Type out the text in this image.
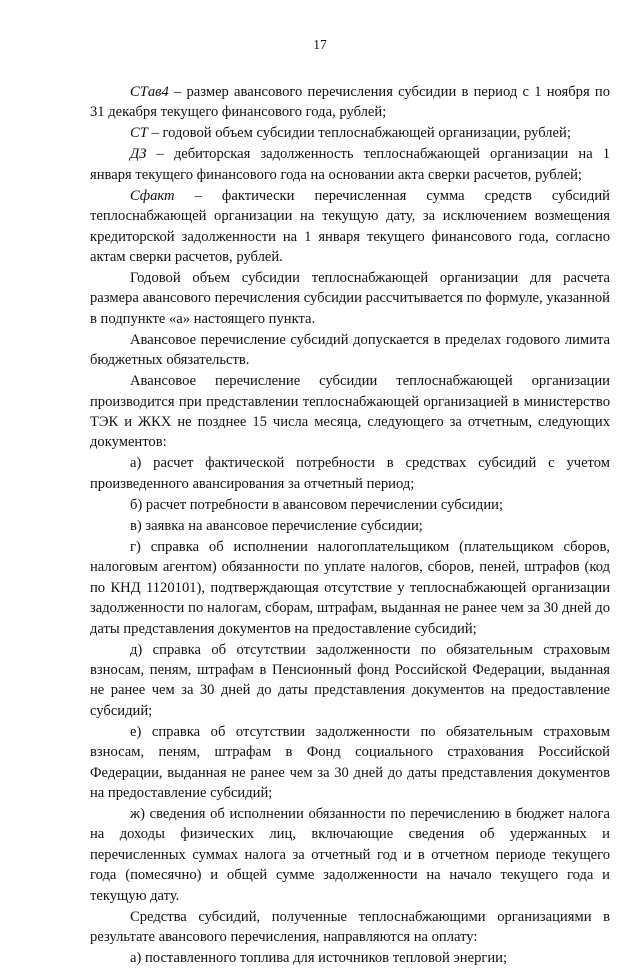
17

CTав4 – размер авансового перечисления субсидии в период с 1 ноября по 31 декабря текущего финансового года, рублей;

CT – годовой объем субсидии теплоснабжающей организации, рублей;

ДЗ – дебиторская задолженность теплоснабжающей организации на 1 января текущего финансового года на основании акта сверки расчетов, рублей;

Cфакт – фактически перечисленная сумма средств субсидий теплоснабжающей организации на текущую дату, за исключением возмещения кредиторской задолженности на 1 января текущего финансового года, согласно актам сверки расчетов, рублей.

Годовой объем субсидии теплоснабжающей организации для расчета размера авансового перечисления субсидии рассчитывается по формуле, указанной в подпункте «а» настоящего пункта.

Авансовое перечисление субсидий допускается в пределах годового лимита бюджетных обязательств.

Авансовое перечисление субсидии теплоснабжающей организации производится при представлении теплоснабжающей организацией в министерство ТЭК и ЖКХ не позднее 15 числа месяца, следующего за отчетным, следующих документов:

а) расчет фактической потребности в средствах субсидий с учетом произведенного авансирования за отчетный период;

б) расчет потребности в авансовом перечислении субсидии;

в) заявка на авансовое перечисление субсидии;

г) справка об исполнении налогоплательщиком (плательщиком сборов, налоговым агентом) обязанности по уплате налогов, сборов, пеней, штрафов (код по КНД 1120101), подтверждающая отсутствие у теплоснабжающей организации задолженности по налогам, сборам, штрафам, выданная не ранее чем за 30 дней до даты представления документов на предоставление субсидий;

д) справка об отсутствии задолженности по обязательным страховым взносам, пеням, штрафам в Пенсионный фонд Российской Федерации, выданная не ранее чем за 30 дней до даты представления документов на предоставление субсидий;

е) справка об отсутствии задолженности по обязательным страховым взносам, пеням, штрафам в Фонд социального страхования Российской Федерации, выданная не ранее чем за 30 дней до даты представления документов на предоставление субсидий;

ж) сведения об исполнении обязанности по перечислению в бюджет налога на доходы физических лиц, включающие сведения об удержанных и перечисленных суммах налога за отчетный год и в отчетном периоде текущего года (помесячно) и общей сумме задолженности на начало текущего года и текущую дату.

Средства субсидий, полученные теплоснабжающими организациями в результате авансового перечисления, направляются на оплату:

а) поставленного топлива для источников тепловой энергии;
